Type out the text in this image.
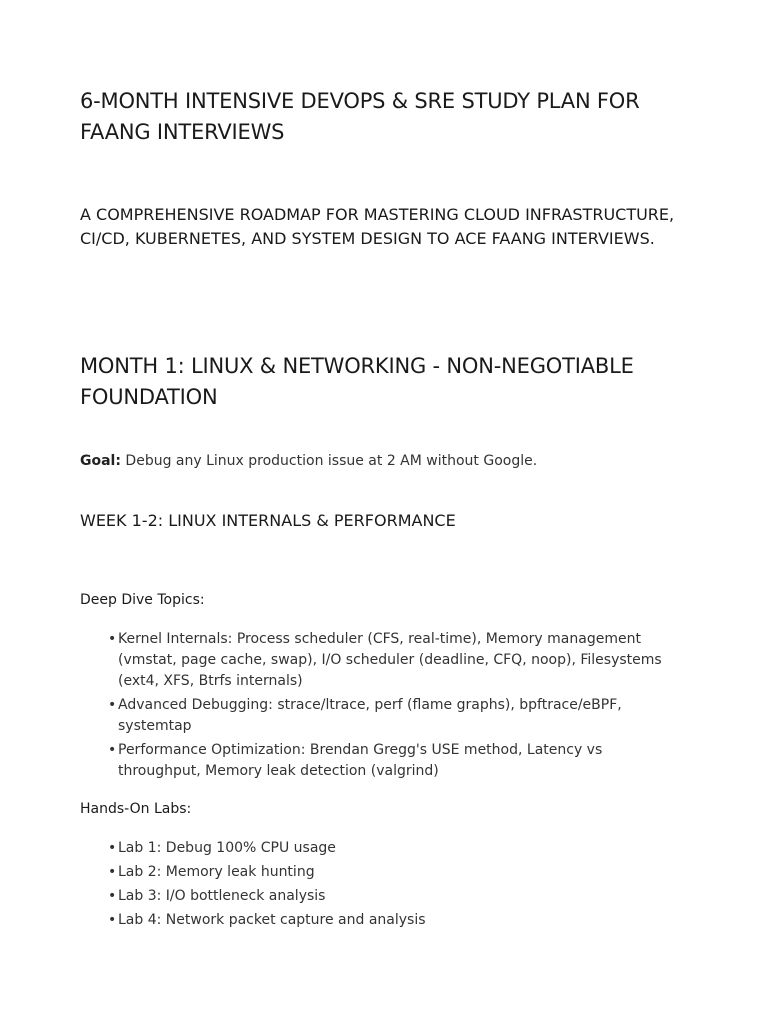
6-MONTH INTENSIVE DEVOPS & SRE STUDY PLAN FOR FAANG INTERVIEWS

A COMPREHENSIVE ROADMAP FOR MASTERING CLOUD INFRASTRUCTURE, CI/CD, KUBERNETES, AND SYSTEM DESIGN TO ACE FAANG INTERVIEWS.

MONTH 1: LINUX & NETWORKING - NON-NEGOTIABLE FOUNDATION

Goal: Debug any Linux production issue at 2 AM without Google.

WEEK 1-2: LINUX INTERNALS & PERFORMANCE

Deep Dive Topics:

• Kernel Internals: Process scheduler (CFS, real-time), Memory management (vmstat, page cache, swap), I/O scheduler (deadline, CFQ, noop), Filesystems (ext4, XFS, Btrfs internals)
• Advanced Debugging: strace/ltrace, perf (flame graphs), bpftrace/eBPF, systemtap
• Performance Optimization: Brendan Gregg's USE method, Latency vs throughput, Memory leak detection (valgrind)

Hands-On Labs:

• Lab 1: Debug 100% CPU usage
• Lab 2: Memory leak hunting
• Lab 3: I/O bottleneck analysis
• Lab 4: Network packet capture and analysis
